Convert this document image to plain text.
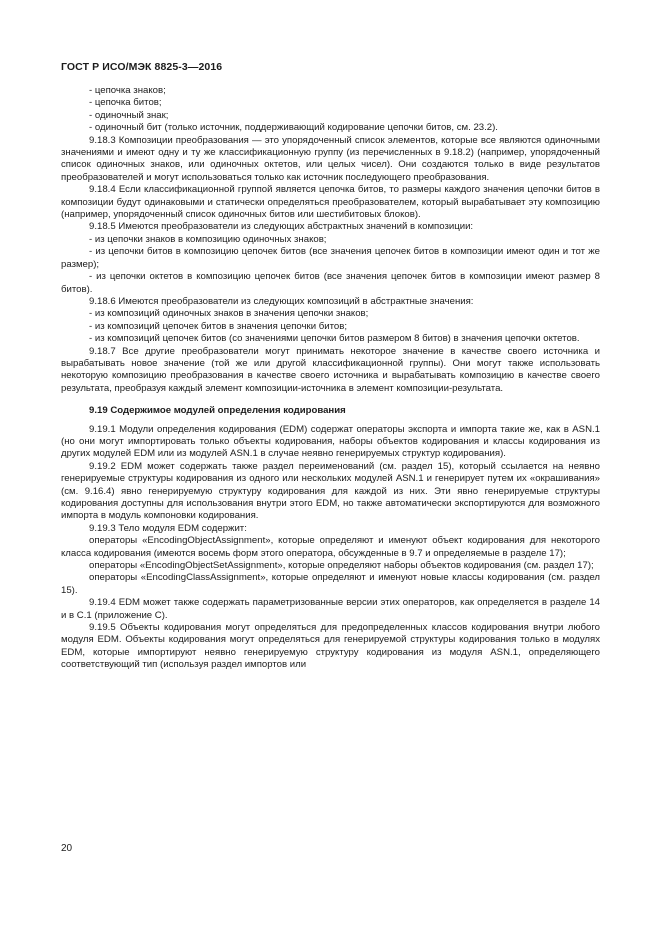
ГОСТ Р ИСО/МЭК 8825-3—2016

- цепочка знаков;

- цепочка битов;

- одиночный знак;

- одиночный бит (только источник, поддерживающий кодирование цепочки битов, см. 23.2).

9.18.3 Композиции преобразования — это упорядоченный список элементов, которые все являются одиночными значениями и имеют одну и ту же классификационную группу (из перечисленных в 9.18.2) (например, упорядоченный список одиночных знаков, или одиночных октетов, или целых чисел). Они создаются только в виде результатов преобразователей и могут использоваться только как источник последующего преобразования.

9.18.4 Если классификационной группой является цепочка битов, то размеры каждого значения цепочки битов в композиции будут одинаковыми и статически определяться преобразователем, который вырабатывает эту композицию (например, упорядоченный список одиночных битов или шестибитовых блоков).

9.18.5 Имеются преобразователи из следующих абстрактных значений в композиции:

- из цепочки знаков в композицию одиночных знаков;

- из цепочки битов в композицию цепочек битов (все значения цепочек битов в композиции имеют один и тот же размер);

- из цепочки октетов в композицию цепочек битов (все значения цепочек битов в композиции имеют размер 8 битов).

9.18.6 Имеются преобразователи из следующих композиций в абстрактные значения:

- из композиций одиночных знаков в значения цепочки знаков;

- из композиций цепочек битов в значения цепочки битов;

- из композиций цепочек битов (со значениями цепочки битов размером 8 битов) в значения цепочки октетов.

9.18.7 Все другие преобразователи могут принимать некоторое значение в качестве своего источника и вырабатывать новое значение (той же или другой классификационной группы). Они могут также использовать некоторую композицию преобразования в качестве своего источника и вырабатывать композицию в качестве своего результата, преобразуя каждый элемент композиции-источника в элемент композиции-результата.

9.19 Содержимое модулей определения кодирования

9.19.1 Модули определения кодирования (EDM) содержат операторы экспорта и импорта такие же, как в ASN.1 (но они могут импортировать только объекты кодирования, наборы объектов кодирования и классы кодирования из других модулей EDM или из модулей ASN.1 в случае неявно генерируемых структур кодирования).

9.19.2 EDM может содержать также раздел переименований (см. раздел 15), который ссылается на неявно генерируемые структуры кодирования из одного или нескольких модулей ASN.1 и генерирует путем их «окрашивания» (см. 9.16.4) явно генерируемую структуру кодирования для каждой из них. Эти явно генерируемые структуры кодирования доступны для использования внутри этого EDM, но также автоматически экспортируются для возможного импорта в модуль компоновки кодирования.

9.19.3 Тело модуля EDM содержит:

операторы «EncodingObjectAssignment», которые определяют и именуют объект кодирования для некоторого класса кодирования (имеются восемь форм этого оператора, обсужденные в 9.7 и определяемые в разделе 17);

операторы «EncodingObjectSetAssignment», которые определяют наборы объектов кодирования (см. раздел 17);

операторы «EncodingClassAssignment», которые определяют и именуют новые классы кодирования (см. раздел 15).

9.19.4 EDM может также содержать параметризованные версии этих операторов, как определяется в разделе 14 и в С.1 (приложение С).

9.19.5 Объекты кодирования могут определяться для предопределенных классов кодирования внутри любого модуля EDM. Объекты кодирования могут определяться для генерируемой структуры кодирования только в модулях EDM, которые импортируют неявно генерируемую структуру кодирования из модуля ASN.1, определяющего соответствующий тип (используя раздел импортов или

20
